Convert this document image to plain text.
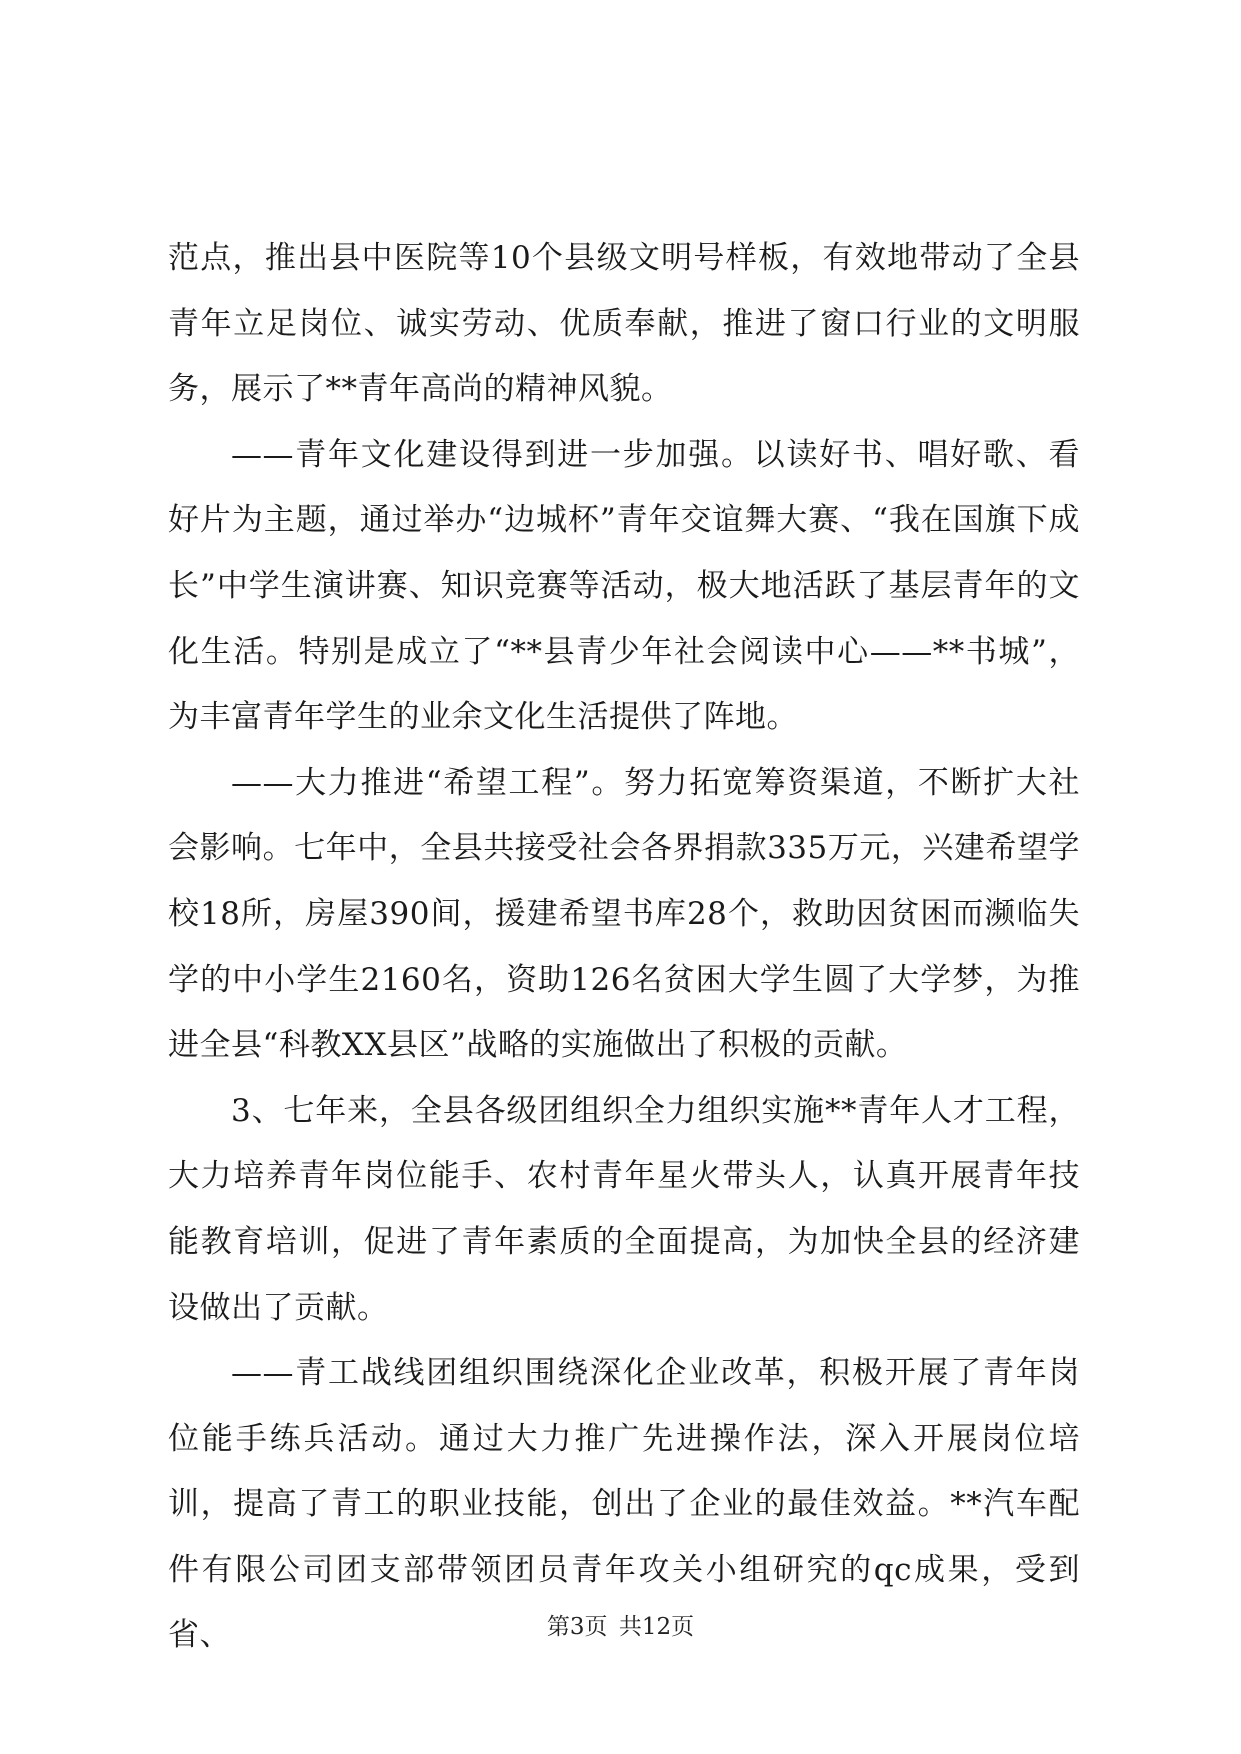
范点，推出县中医院等10个县级文明号样板，有效地带动了全县青年立足岗位、诚实劳动、优质奉献，推进了窗口行业的文明服务，展示了**青年高尚的精神风貌。

——青年文化建设得到进一步加强。以读好书、唱好歌、看好片为主题，通过举办“边城杯”青年交谊舞大赛、“我在国旗下成长”中学生演讲赛、知识竞赛等活动，极大地活跃了基层青年的文化生活。特别是成立了“**县青少年社会阅读中心——**书城”，为丰富青年学生的业余文化生活提供了阵地。

——大力推进“希望工程”。努力拓宽筹资渠道，不断扩大社会影响。七年中，全县共接受社会各界捐款335万元，兴建希望学校18所，房屋390间，援建希望书库28个，救助因贫困而濒临失学的中小学生2160名，资助126名贫困大学生圆了大学梦，为推进全县“科教XX县区”战略的实施做出了积极的贡献。

3、七年来，全县各级团组织全力组织实施**青年人才工程，大力培养青年岗位能手、农村青年星火带头人，认真开展青年技能教育培训，促进了青年素质的全面提高，为加快全县的经济建设做出了贡献。

——青工战线团组织围绕深化企业改革，积极开展了青年岗位能手练兵活动。通过大力推广先进操作法，深入开展岗位培训，提高了青工的职业技能，创出了企业的最佳效益。**汽车配件有限公司团支部带领团员青年攻关小组研究的qc成果，受到省、	第3页 共12页
